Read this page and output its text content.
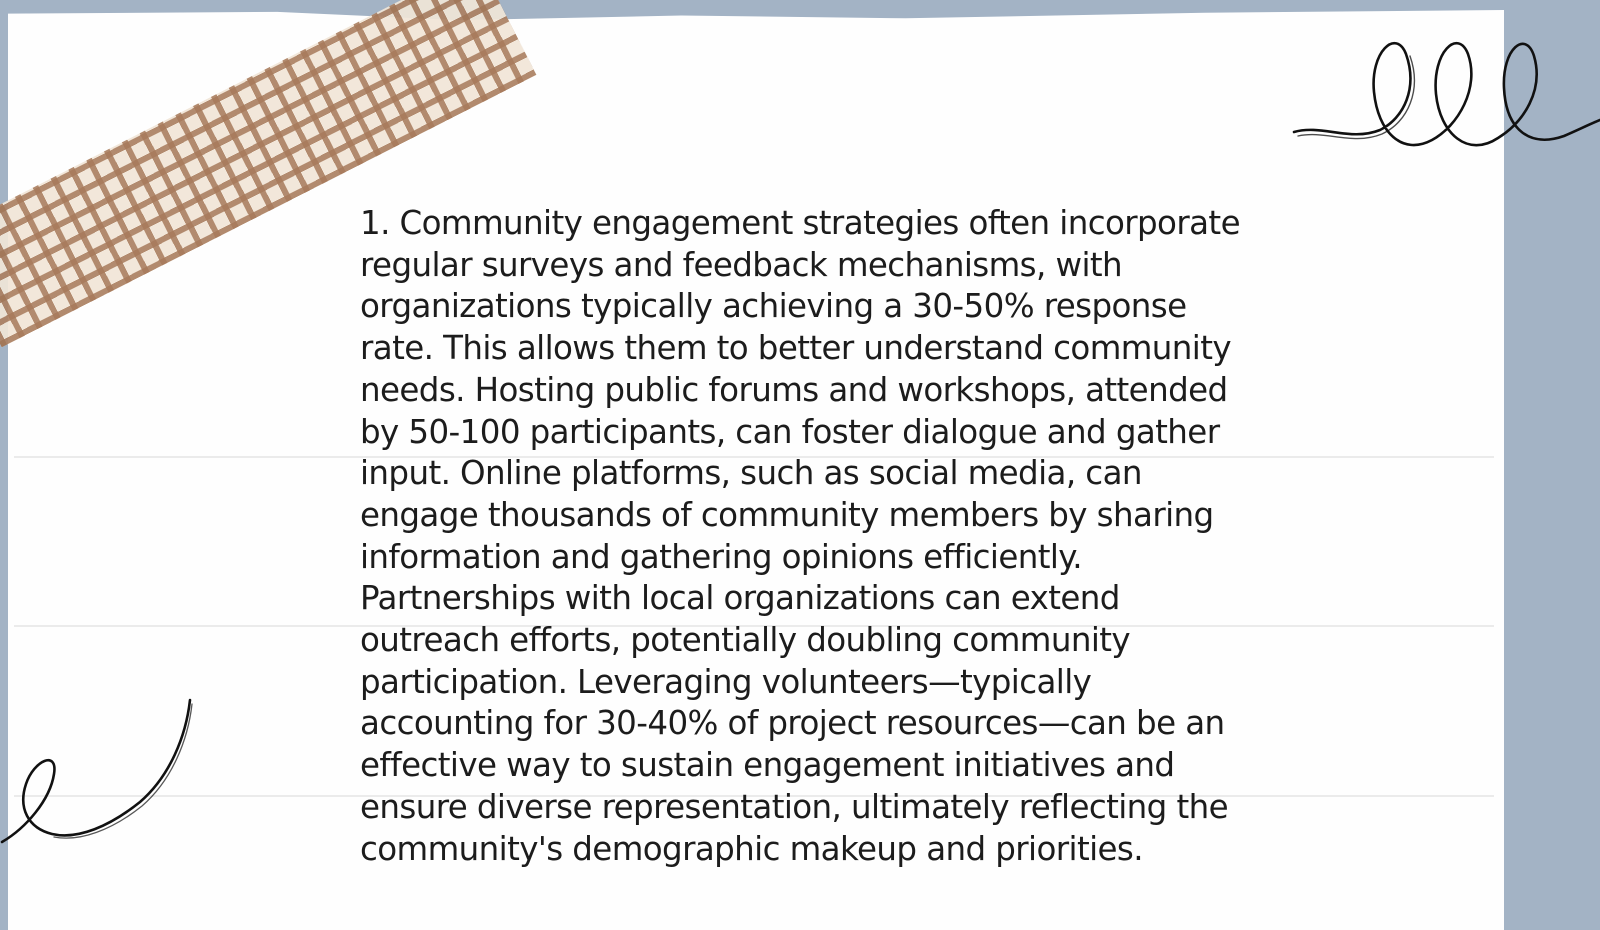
1. Community engagement strategies often incorporate regular surveys and feedback mechanisms, with organizations typically achieving a 30-50% response rate. This allows them to better understand community needs. Hosting public forums and workshops, attended by 50-100 participants, can foster dialogue and gather input. Online platforms, such as social media, can engage thousands of community members by sharing information and gathering opinions efficiently. Partnerships with local organizations can extend outreach efforts, potentially doubling community participation. Leveraging volunteers—typically accounting for 30-40% of project resources—can be an effective way to sustain engagement initiatives and ensure diverse representation, ultimately reflecting the community's demographic makeup and priorities.
